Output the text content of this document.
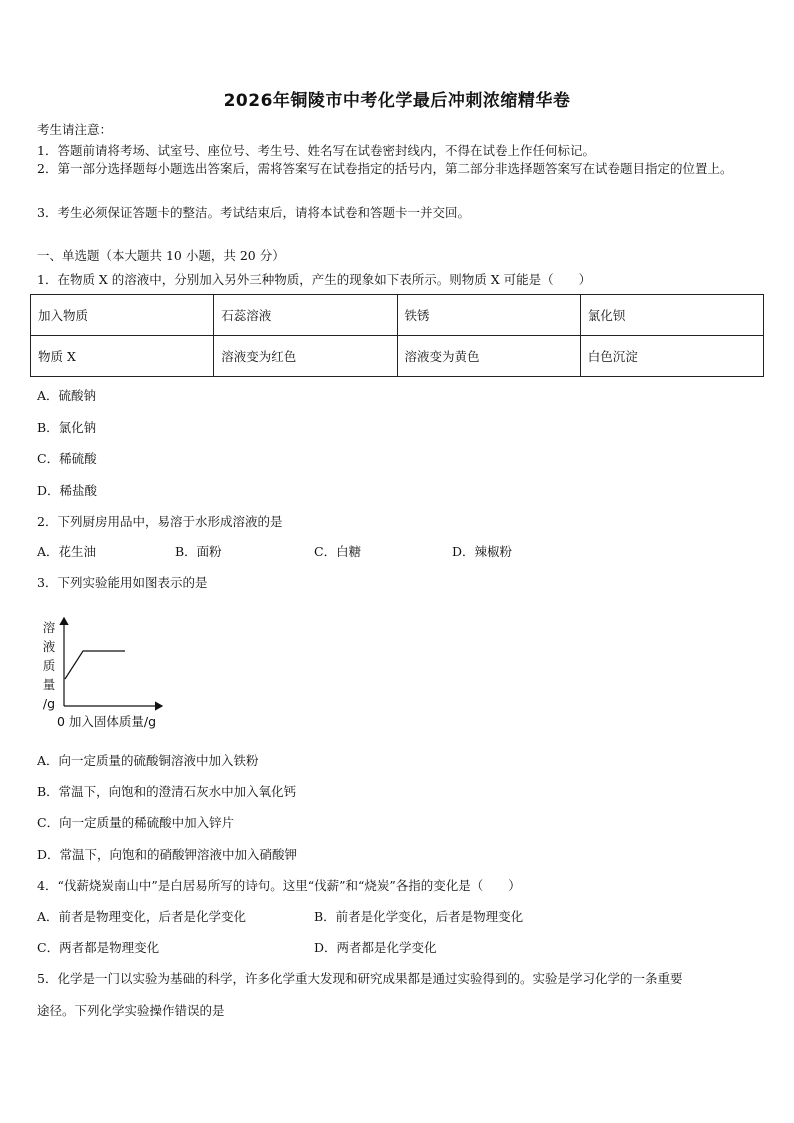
2026年铜陵市中考化学最后冲刺浓缩精华卷
考生请注意：
1．答题前请将考场、试室号、座位号、考生号、姓名写在试卷密封线内，不得在试卷上作任何标记。
2．第一部分选择题每小题选出答案后，需将答案写在试卷指定的括号内，第二部分非选择题答案写在试卷题目指定的位置上。
3．考生必须保证答题卡的整洁。考试结束后，请将本试卷和答题卡一并交回。
一、单选题（本大题共 10 小题，共 20 分）
1．在物质 X 的溶液中，分别加入另外三种物质，产生的现象如下表所示。则物质 X 可能是（　　）
加入物质	石蕊溶液	铁锈	氯化钡
物质 X	溶液变为红色	溶液变为黄色	白色沉淀
A．硫酸钠
B．氯化钠
C．稀硫酸
D．稀盐酸
2．下列厨房用品中，易溶于水形成溶液的是
A．花生油	B．面粉	C．白糖	D．辣椒粉
3．下列实验能用如图表示的是
溶
液
质
量
/g
0 加入固体质量/g
A．向一定质量的硫酸铜溶液中加入铁粉
B．常温下，向饱和的澄清石灰水中加入氧化钙
C．向一定质量的稀硫酸中加入锌片
D．常温下，向饱和的硝酸钾溶液中加入硝酸钾
4．“伐薪烧炭南山中”是白居易所写的诗句。这里“伐薪”和“烧炭”各指的变化是（　　）
A．前者是物理变化，后者是化学变化	B．前者是化学变化，后者是物理变化
C．两者都是物理变化	D．两者都是化学变化
5．化学是一门以实验为基础的科学，许多化学重大发现和研究成果都是通过实验得到的。实验是学习化学的一条重要
途径。下列化学实验操作错误的是
